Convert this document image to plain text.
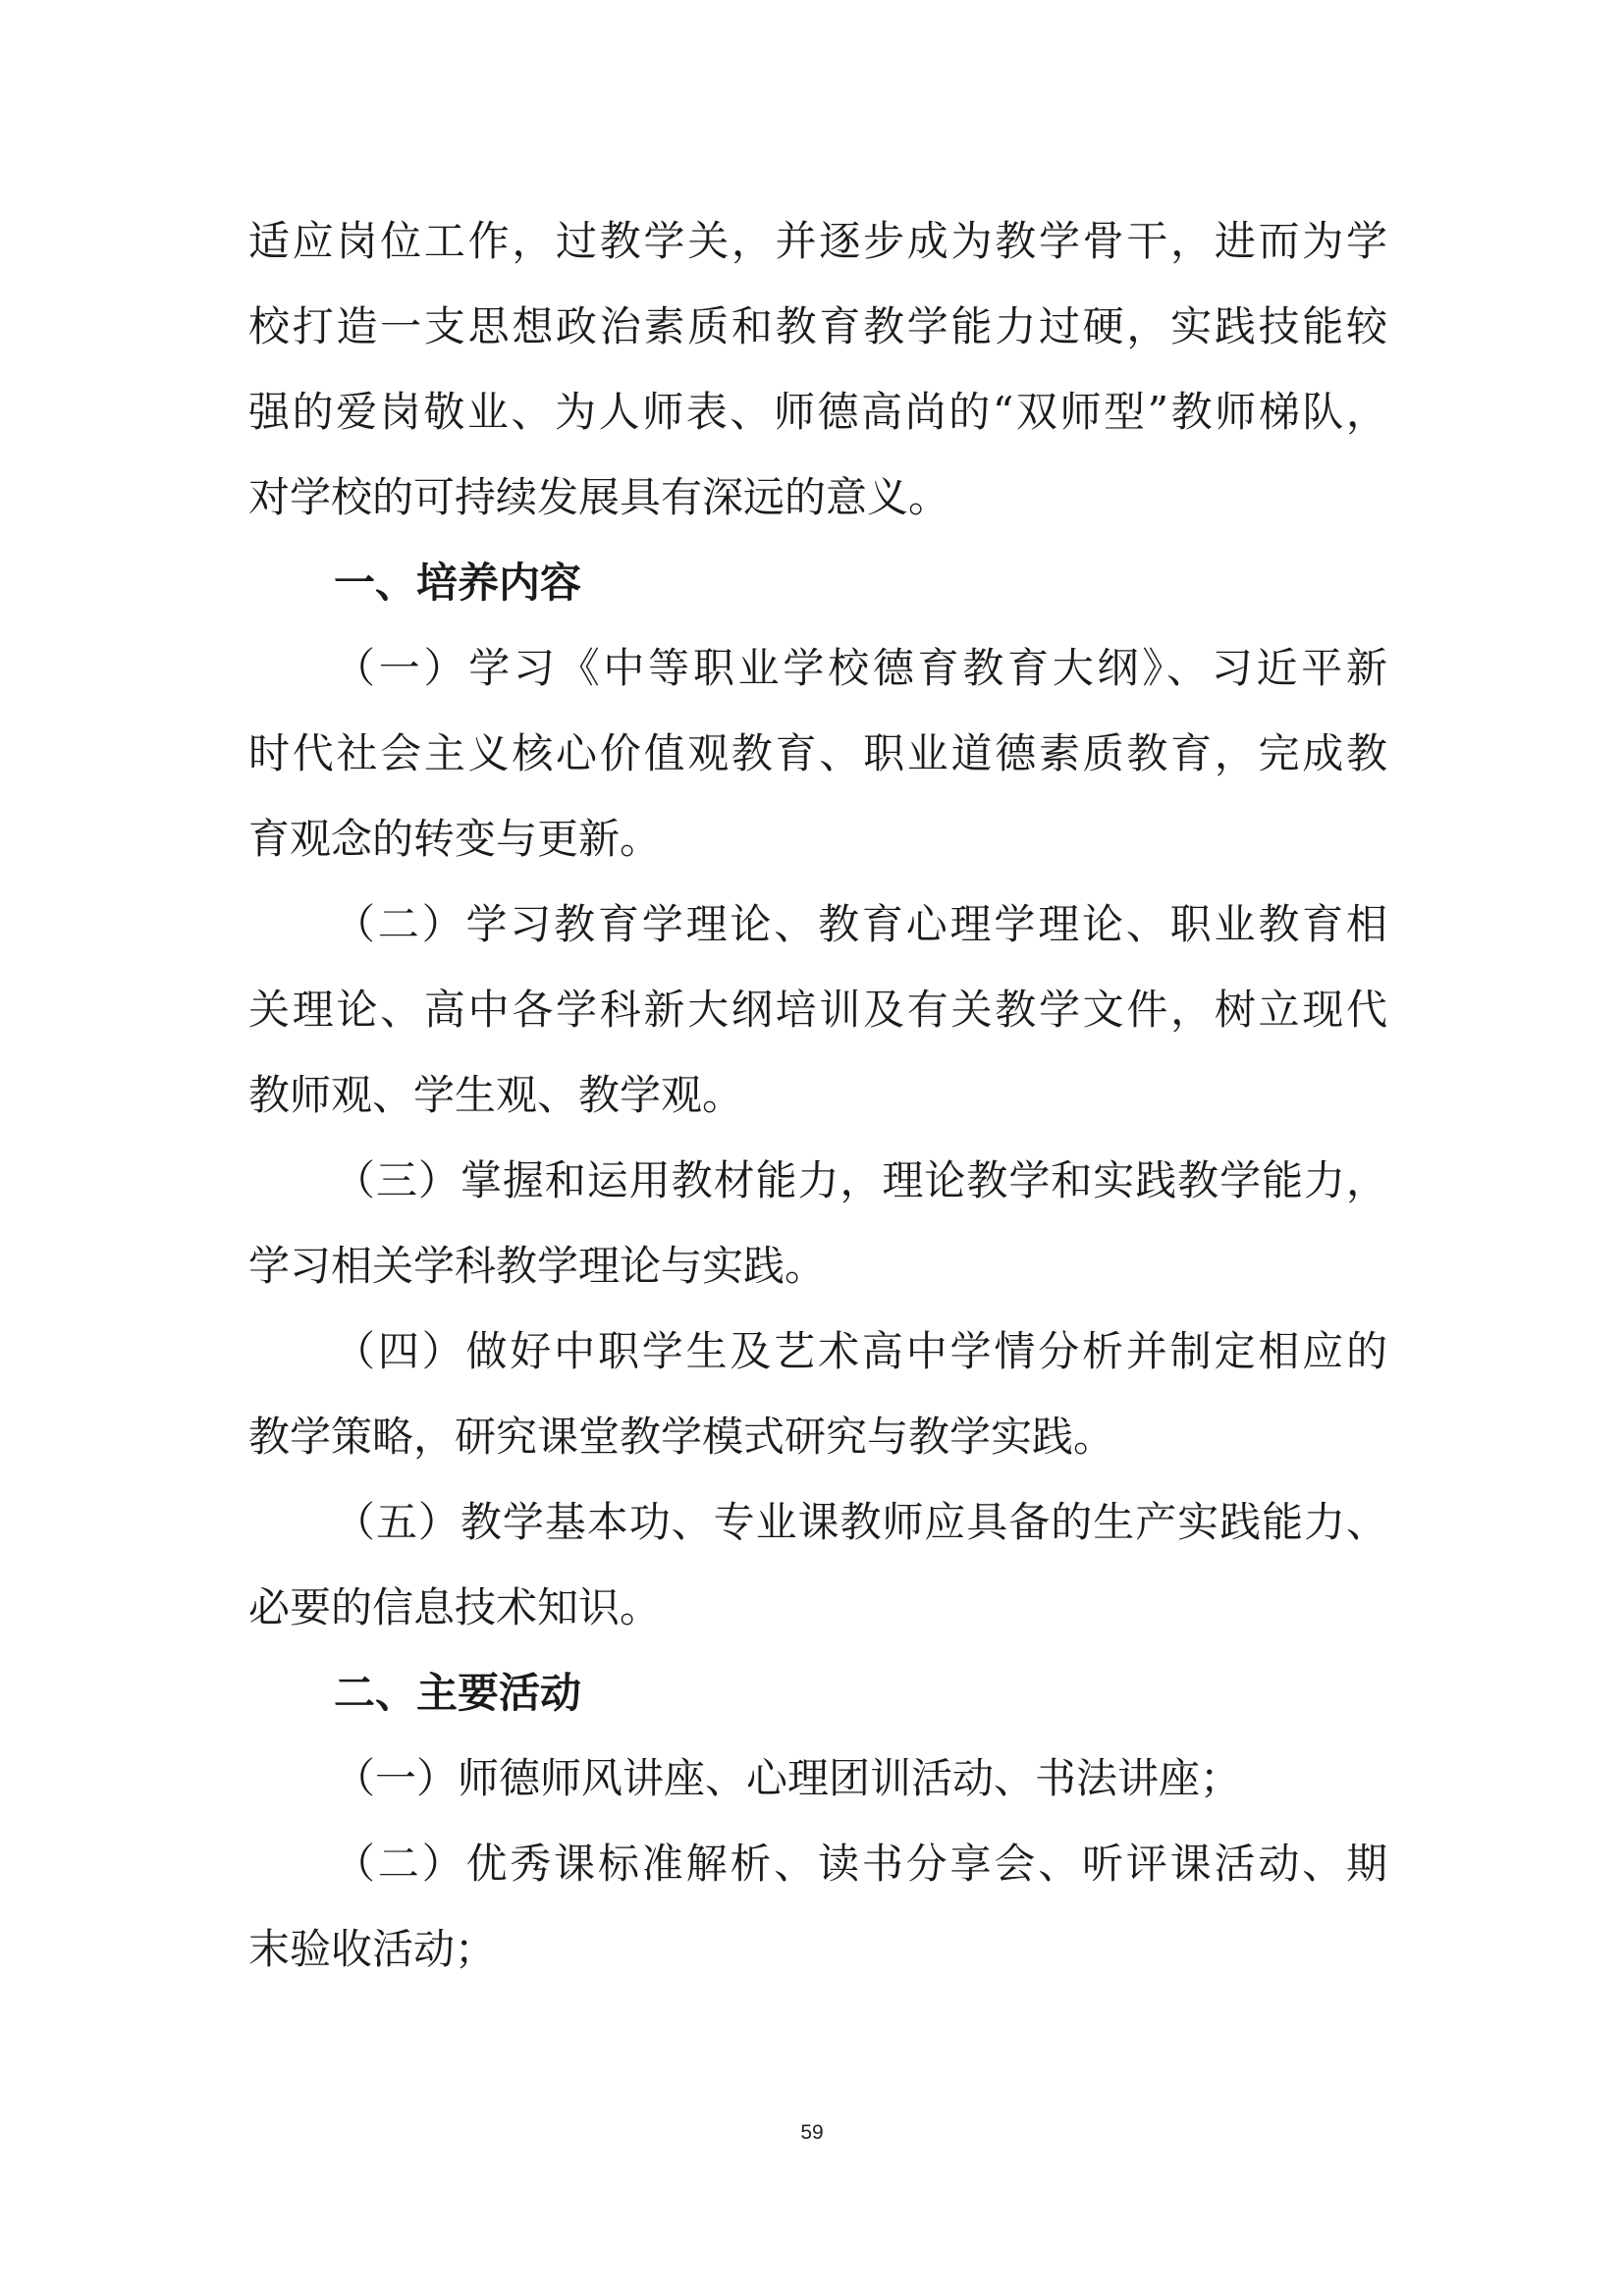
适应岗位工作，过教学关，并逐步成为教学骨干，进而为学
校打造一支思想政治素质和教育教学能力过硬，实践技能较
强的爱岗敬业、为人师表、师德高尚的“双师型”教师梯队，
对学校的可持续发展具有深远的意义。
一、培养内容
（一）学习《中等职业学校德育教育大纲》、习近平新
时代社会主义核心价值观教育、职业道德素质教育，完成教
育观念的转变与更新。
（二）学习教育学理论、教育心理学理论、职业教育相
关理论、高中各学科新大纲培训及有关教学文件，树立现代
教师观、学生观、教学观。
（三）掌握和运用教材能力，理论教学和实践教学能力，
学习相关学科教学理论与实践。
（四）做好中职学生及艺术高中学情分析并制定相应的
教学策略，研究课堂教学模式研究与教学实践。
（五）教学基本功、专业课教师应具备的生产实践能力、
必要的信息技术知识。
二、主要活动
（一）师德师风讲座、心理团训活动、书法讲座；
（二）优秀课标准解析、读书分享会、听评课活动、期
末验收活动；
59
